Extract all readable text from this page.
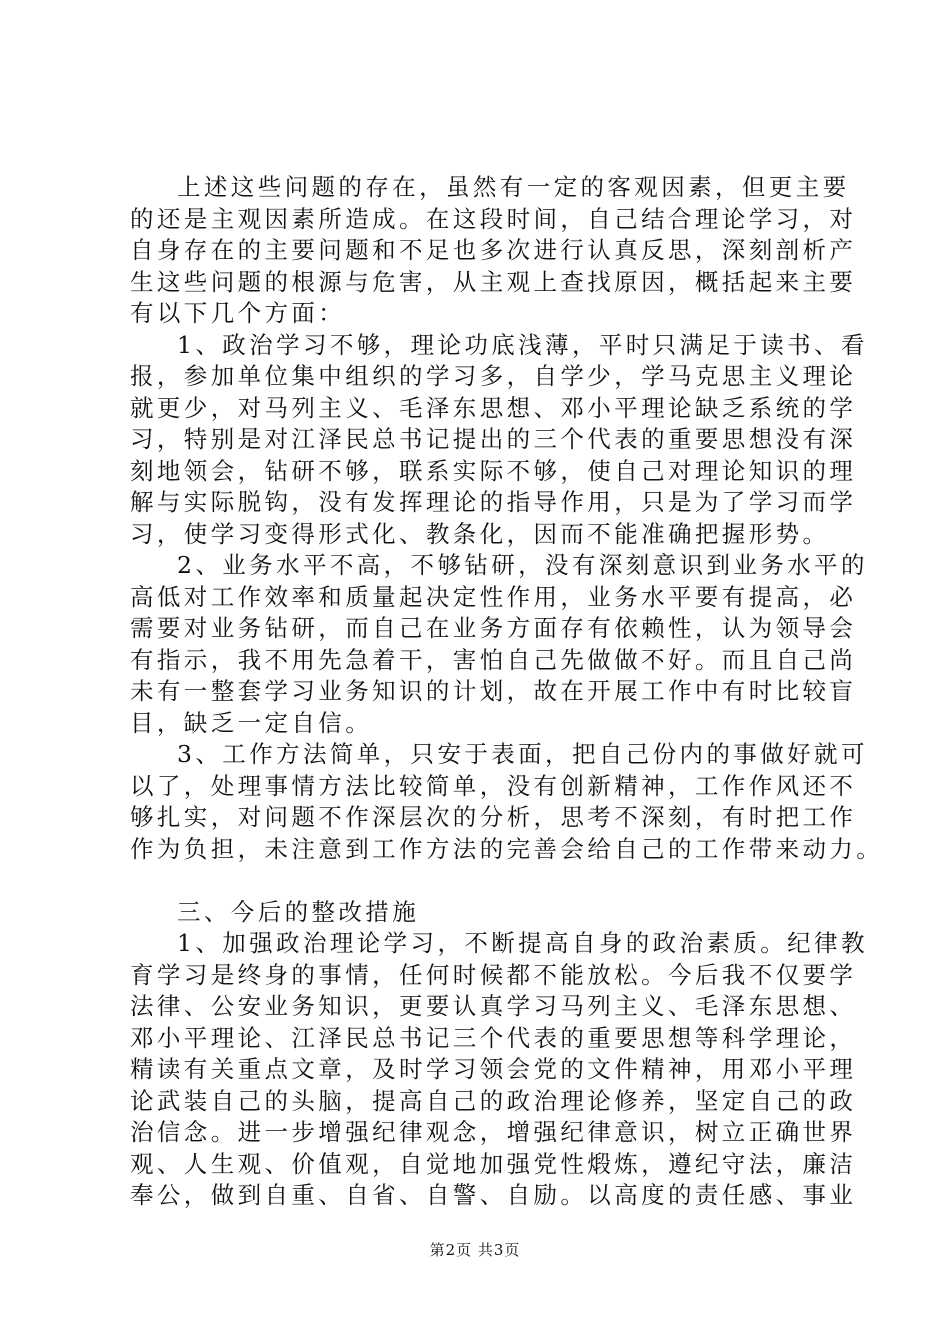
上述这些问题的存在，虽然有一定的客观因素，但更主要
的还是主观因素所造成。在这段时间，自己结合理论学习，对
自身存在的主要问题和不足也多次进行认真反思，深刻剖析产
生这些问题的根源与危害，从主观上查找原因，概括起来主要
有以下几个方面：
1、政治学习不够，理论功底浅薄，平时只满足于读书、看
报，参加单位集中组织的学习多，自学少，学马克思主义理论
就更少，对马列主义、毛泽东思想、邓小平理论缺乏系统的学
习，特别是对江泽民总书记提出的三个代表的重要思想没有深
刻地领会，钻研不够，联系实际不够，使自己对理论知识的理
解与实际脱钩，没有发挥理论的指导作用，只是为了学习而学
习，使学习变得形式化、教条化，因而不能准确把握形势。
2、业务水平不高，不够钻研，没有深刻意识到业务水平的
高低对工作效率和质量起决定性作用，业务水平要有提高，必
需要对业务钻研，而自己在业务方面存有依赖性，认为领导会
有指示，我不用先急着干，害怕自己先做做不好。而且自己尚
未有一整套学习业务知识的计划，故在开展工作中有时比较盲
目，缺乏一定自信。
3、工作方法简单，只安于表面，把自己份内的事做好就可
以了，处理事情方法比较简单，没有创新精神，工作作风还不
够扎实，对问题不作深层次的分析，思考不深刻，有时把工作
作为负担，未注意到工作方法的完善会给自己的工作带来动力。
三、今后的整改措施
1、加强政治理论学习，不断提高自身的政治素质。纪律教
育学习是终身的事情，任何时候都不能放松。今后我不仅要学
法律、公安业务知识，更要认真学习马列主义、毛泽东思想、
邓小平理论、江泽民总书记三个代表的重要思想等科学理论，
精读有关重点文章，及时学习领会党的文件精神，用邓小平理
论武装自己的头脑，提高自己的政治理论修养，坚定自己的政
治信念。进一步增强纪律观念，增强纪律意识，树立正确世界
观、人生观、价值观，自觉地加强党性煅炼，遵纪守法，廉洁
奉公，做到自重、自省、自警、自励。以高度的责任感、事业
第2页 共3页
